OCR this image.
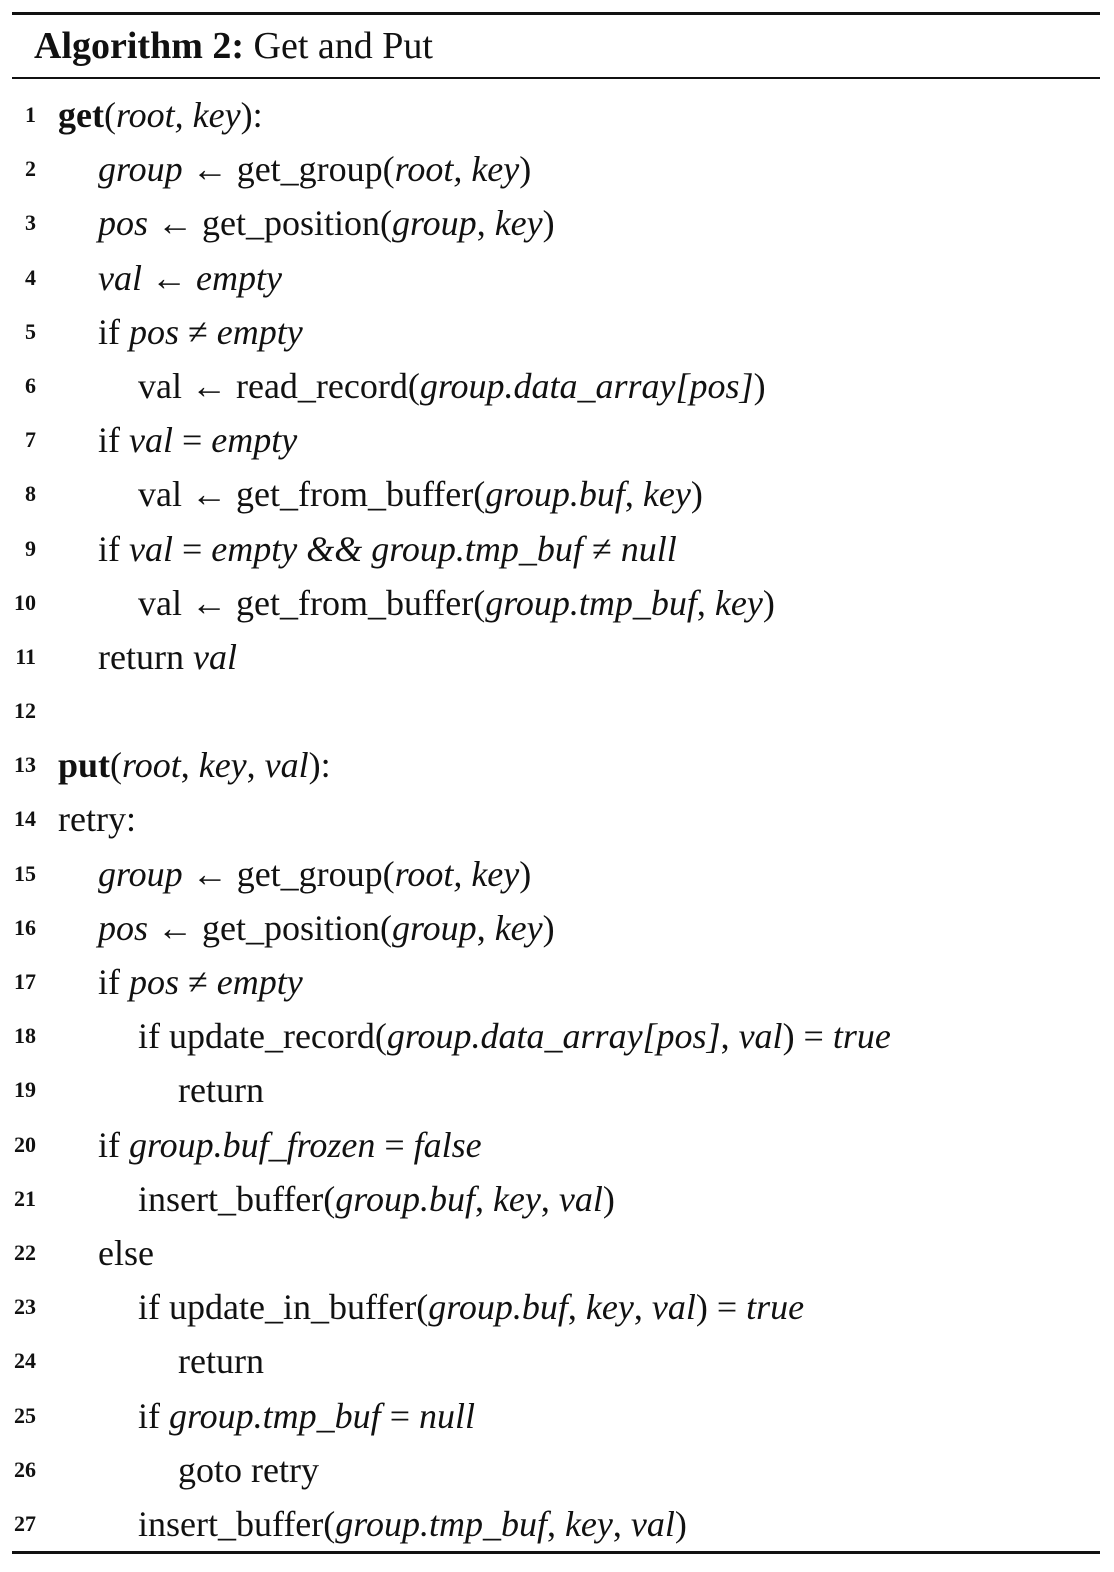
Algorithm 2: Get and Put
1 get(root, key):
2 group ← get_group(root, key)
3 pos ← get_position(group, key)
4 val ← empty
5 if pos ≠ empty
6	val ← read_record(group.data_array[pos])
7 if val = empty
8	val ← get_from_buffer(group.buf, key)
9 if val = empty && group.tmp_buf ≠ null
10	val ← get_from_buffer(group.tmp_buf, key)
11 return val
12
13 put(root, key, val):
14 retry:
15 group ← get_group(root, key)
16 pos ← get_position(group, key)
17 if pos ≠ empty
18	if update_record(group.data_array[pos], val) = true
19	return
20 if group.buf_frozen = false
21	insert_buffer(group.buf, key, val)
22 else
23	if update_in_buffer(group.buf, key, val) = true
24	return
25	if group.tmp_buf = null
26	goto retry
27	insert_buffer(group.tmp_buf, key, val)
